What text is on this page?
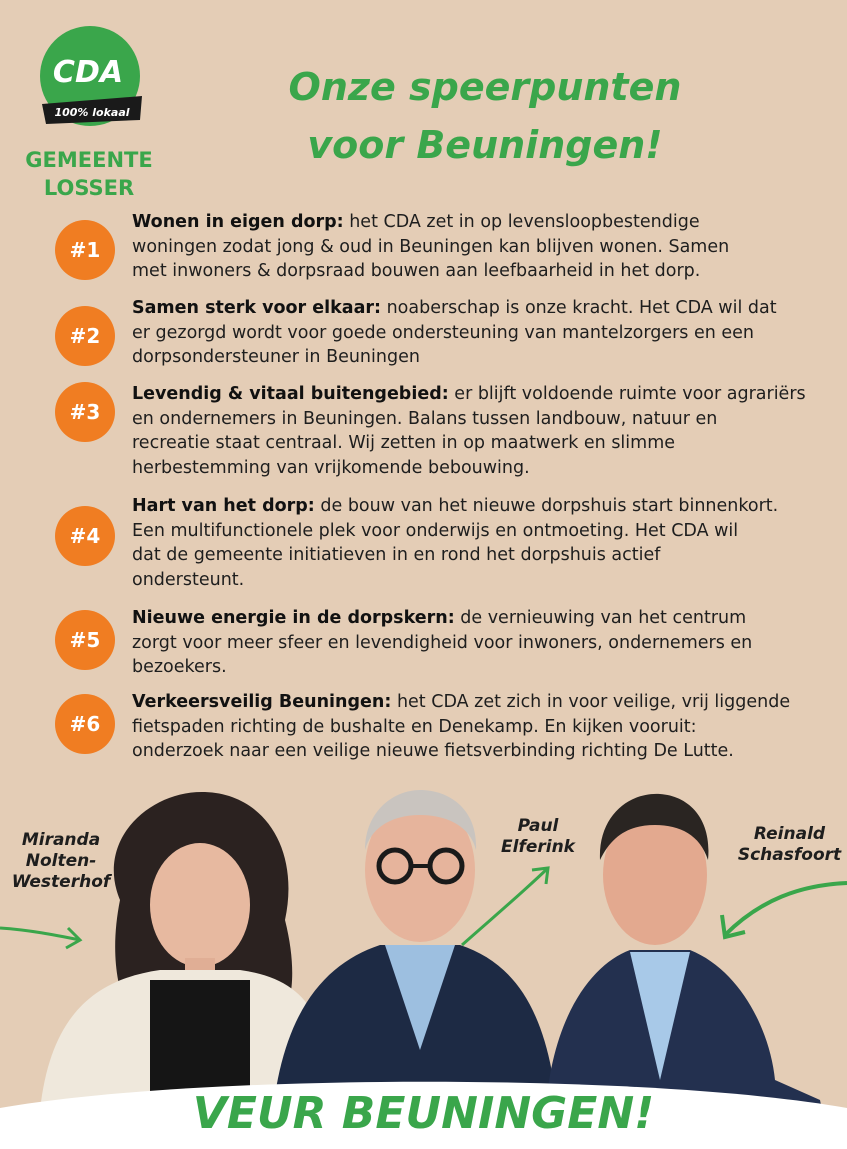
CDA
100% lokaal
GEMEENTE
LOSSER
Onze speerpunten
voor Beuningen!
#1
Wonen in eigen dorp: het CDA zet in op levensloopbestendige
woningen zodat jong & oud in Beuningen kan blijven wonen. Samen
met inwoners & dorpsraad bouwen aan leefbaarheid in het dorp.
#2
Samen sterk voor elkaar: noaberschap is onze kracht. Het CDA wil dat
er gezorgd wordt voor goede ondersteuning van mantelzorgers en een
dorpsondersteuner in Beuningen
#3
Levendig & vitaal buitengebied: er blijft voldoende ruimte voor agrariërs
en ondernemers in Beuningen. Balans tussen landbouw, natuur en
recreatie staat centraal. Wij zetten in op maatwerk en slimme
herbestemming van vrijkomende bebouwing.
#4
Hart van het dorp: de bouw van het nieuwe dorpshuis start binnenkort.
Een multifunctionele plek voor onderwijs en ontmoeting. Het CDA wil
dat de gemeente initiatieven in en rond het dorpshuis actief
ondersteunt.
#5
Nieuwe energie in de dorpskern: de vernieuwing van het centrum
zorgt voor meer sfeer en levendigheid voor inwoners, ondernemers en
bezoekers.
#6
Verkeersveilig Beuningen: het CDA zet zich in voor veilige, vrij liggende
fietspaden richting de bushalte en Denekamp. En kijken vooruit:
onderzoek naar een veilige nieuwe fietsverbinding richting De Lutte.
Miranda
Nolten-
Westerhof
Paul
Elferink
Reinald
Schasfoort
VEUR BEUNINGEN!
